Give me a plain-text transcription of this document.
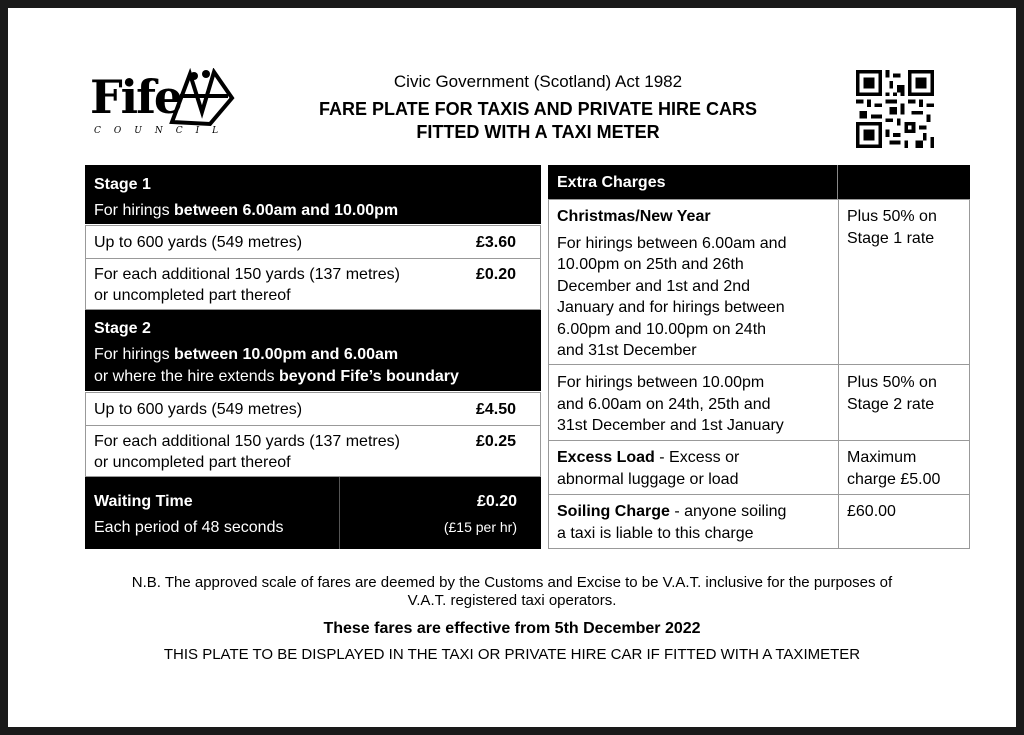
Fife
COUNCIL
Civic Government (Scotland) Act 1982
FARE PLATE FOR TAXIS AND PRIVATE HIRE CARS
FITTED WITH A TAXI METER
Stage 1
For hirings between 6.00am and 10.00pm
Up to 600 yards (549 metres)	£3.60
For each additional 150 yards (137 metres)
or uncompleted part thereof
£0.20
Stage 2
For hirings between 10.00pm and 6.00am
or where the hire extends beyond Fife’s boundary
Up to 600 yards (549 metres)	£4.50
For each additional 150 yards (137 metres)
or uncompleted part thereof
£0.25
Waiting Time
Each period of 48 seconds
£0.20
(£15 per hr)
Extra Charges
Christmas/New Year
For hirings between 6.00am and
10.00pm on 25th and 26th
December and 1st and 2nd
January and for hirings between
6.00pm and 10.00pm on 24th
and 31st December
Plus 50% on
Stage 1 rate
For hirings between 10.00pm
and 6.00am on 24th, 25th and
31st December and 1st January
Plus 50% on
Stage 2 rate
Excess Load - Excess or
abnormal luggage or load
Maximum
charge £5.00
Soiling Charge - anyone soiling
a taxi is liable to this charge
£60.00
N.B. The approved scale of fares are deemed by the Customs and Excise to be V.A.T. inclusive for the purposes of
V.A.T. registered taxi operators.
These fares are effective from 5th December 2022
THIS PLATE TO BE DISPLAYED IN THE TAXI OR PRIVATE HIRE CAR IF FITTED WITH A TAXIMETER
